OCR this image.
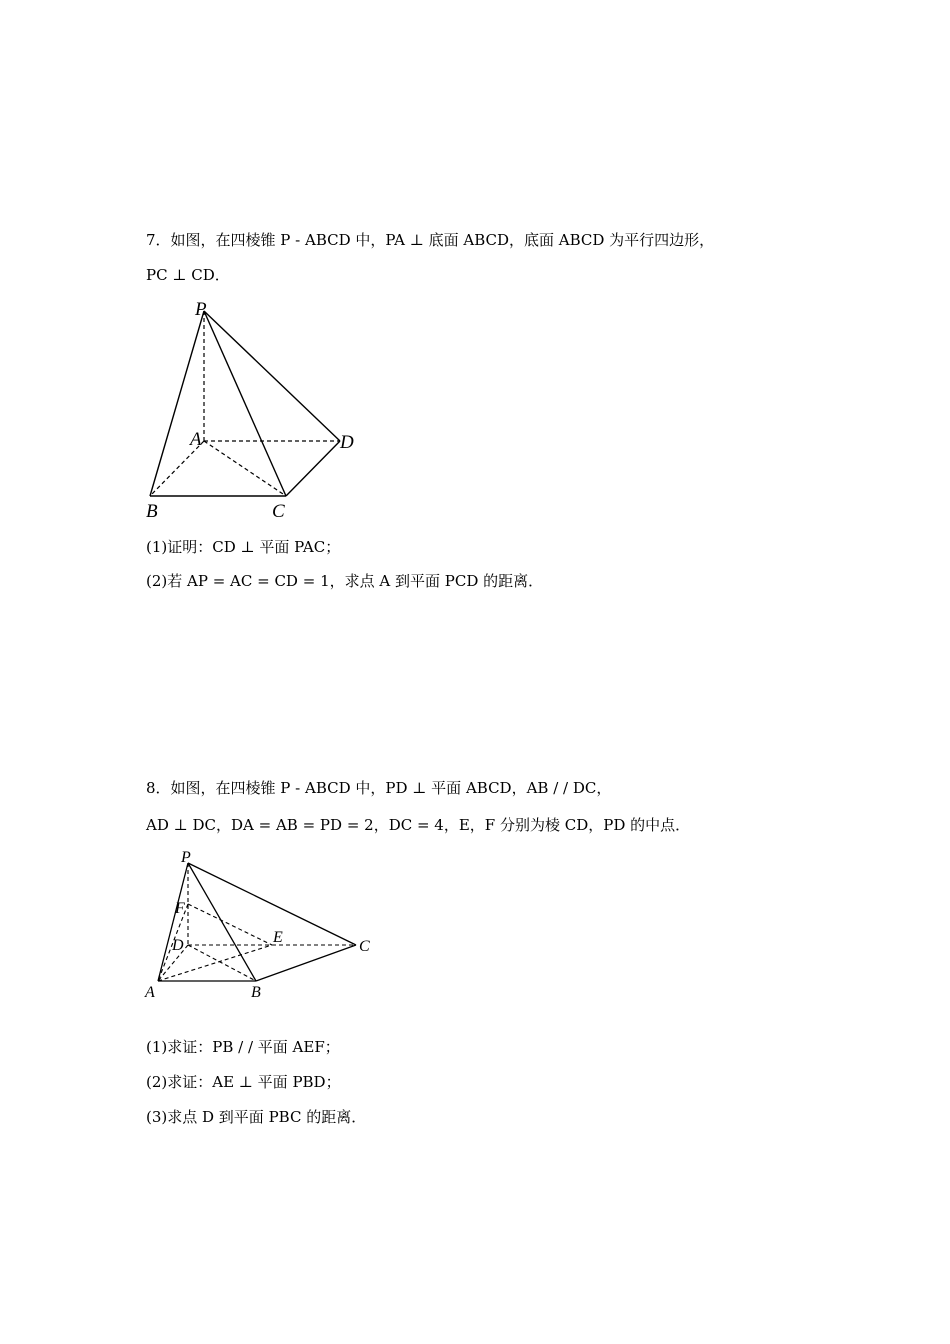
7．如图，在四棱锥 P - ABCD 中，PA ⊥ 底面 ABCD，底面 ABCD 为平行四边形，
PC ⊥ CD．
P
A	D
B	C
(1)证明：CD ⊥ 平面 PAC；
(2)若 AP = AC = CD = 1，求点 A 到平面 PCD 的距离．
8．如图，在四棱锥 P - ABCD 中，PD ⊥ 平面 ABCD，AB / / DC，
AD ⊥ DC，DA = AB = PD = 2，DC = 4，E，F 分别为棱 CD，PD 的中点．
P
F
D	E
C
A	B
(1)求证：PB / / 平面 AEF；
(2)求证：AE ⊥ 平面 PBD；
(3)求点 D 到平面 PBC 的距离．
